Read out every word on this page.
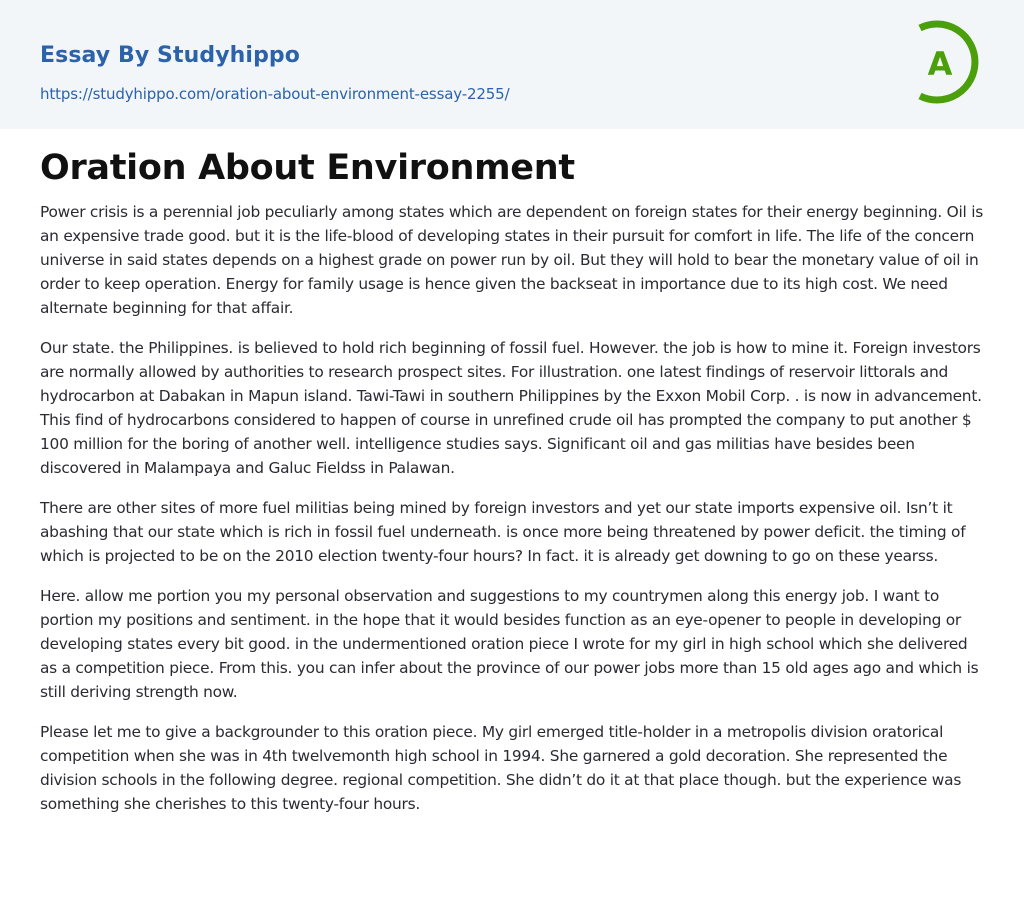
Essay By Studyhippo
https://studyhippo.com/oration-about-environment-essay-2255/
A
Oration About Environment

Power crisis is a perennial job peculiarly among states which are dependent on foreign states for their energy beginning. Oil is an expensive trade good. but it is the life-blood of developing states in their pursuit for comfort in life. The life of the concern universe in said states depends on a highest grade on power run by oil. But they will hold to bear the monetary value of oil in order to keep operation. Energy for family usage is hence given the backseat in importance due to its high cost. We need alternate beginning for that affair.

Our state. the Philippines. is believed to hold rich beginning of fossil fuel. However. the job is how to mine it. Foreign investors are normally allowed by authorities to research prospect sites. For illustration. one latest findings of reservoir littorals and hydrocarbon at Dabakan in Mapun island. Tawi-Tawi in southern Philippines by the Exxon Mobil Corp. . is now in advancement. This find of hydrocarbons considered to happen of course in unrefined crude oil has prompted the company to put another $ 100 million for the boring of another well. intelligence studies says. Significant oil and gas militias have besides been discovered in Malampaya and Galuc Fieldss in Palawan.

There are other sites of more fuel militias being mined by foreign investors and yet our state imports expensive oil. Isn’t it abashing that our state which is rich in fossil fuel underneath. is once more being threatened by power deficit. the timing of which is projected to be on the 2010 election twenty-four hours? In fact. it is already get downing to go on these yearss.

Here. allow me portion you my personal observation and suggestions to my countrymen along this energy job. I want to portion my positions and sentiment. in the hope that it would besides function as an eye-opener to people in developing or developing states every bit good. in the undermentioned oration piece I wrote for my girl in high school which she delivered as a competition piece. From this. you can infer about the province of our power jobs more than 15 old ages ago and which is still deriving strength now.

Please let me to give a backgrounder to this oration piece. My girl emerged title-holder in a metropolis division oratorical competition when she was in 4th twelvemonth high school in 1994. She garnered a gold decoration. She represented the division schools in the following degree. regional competition. She didn’t do it at that place though. but the experience was something she cherishes to this twenty-four hours.
